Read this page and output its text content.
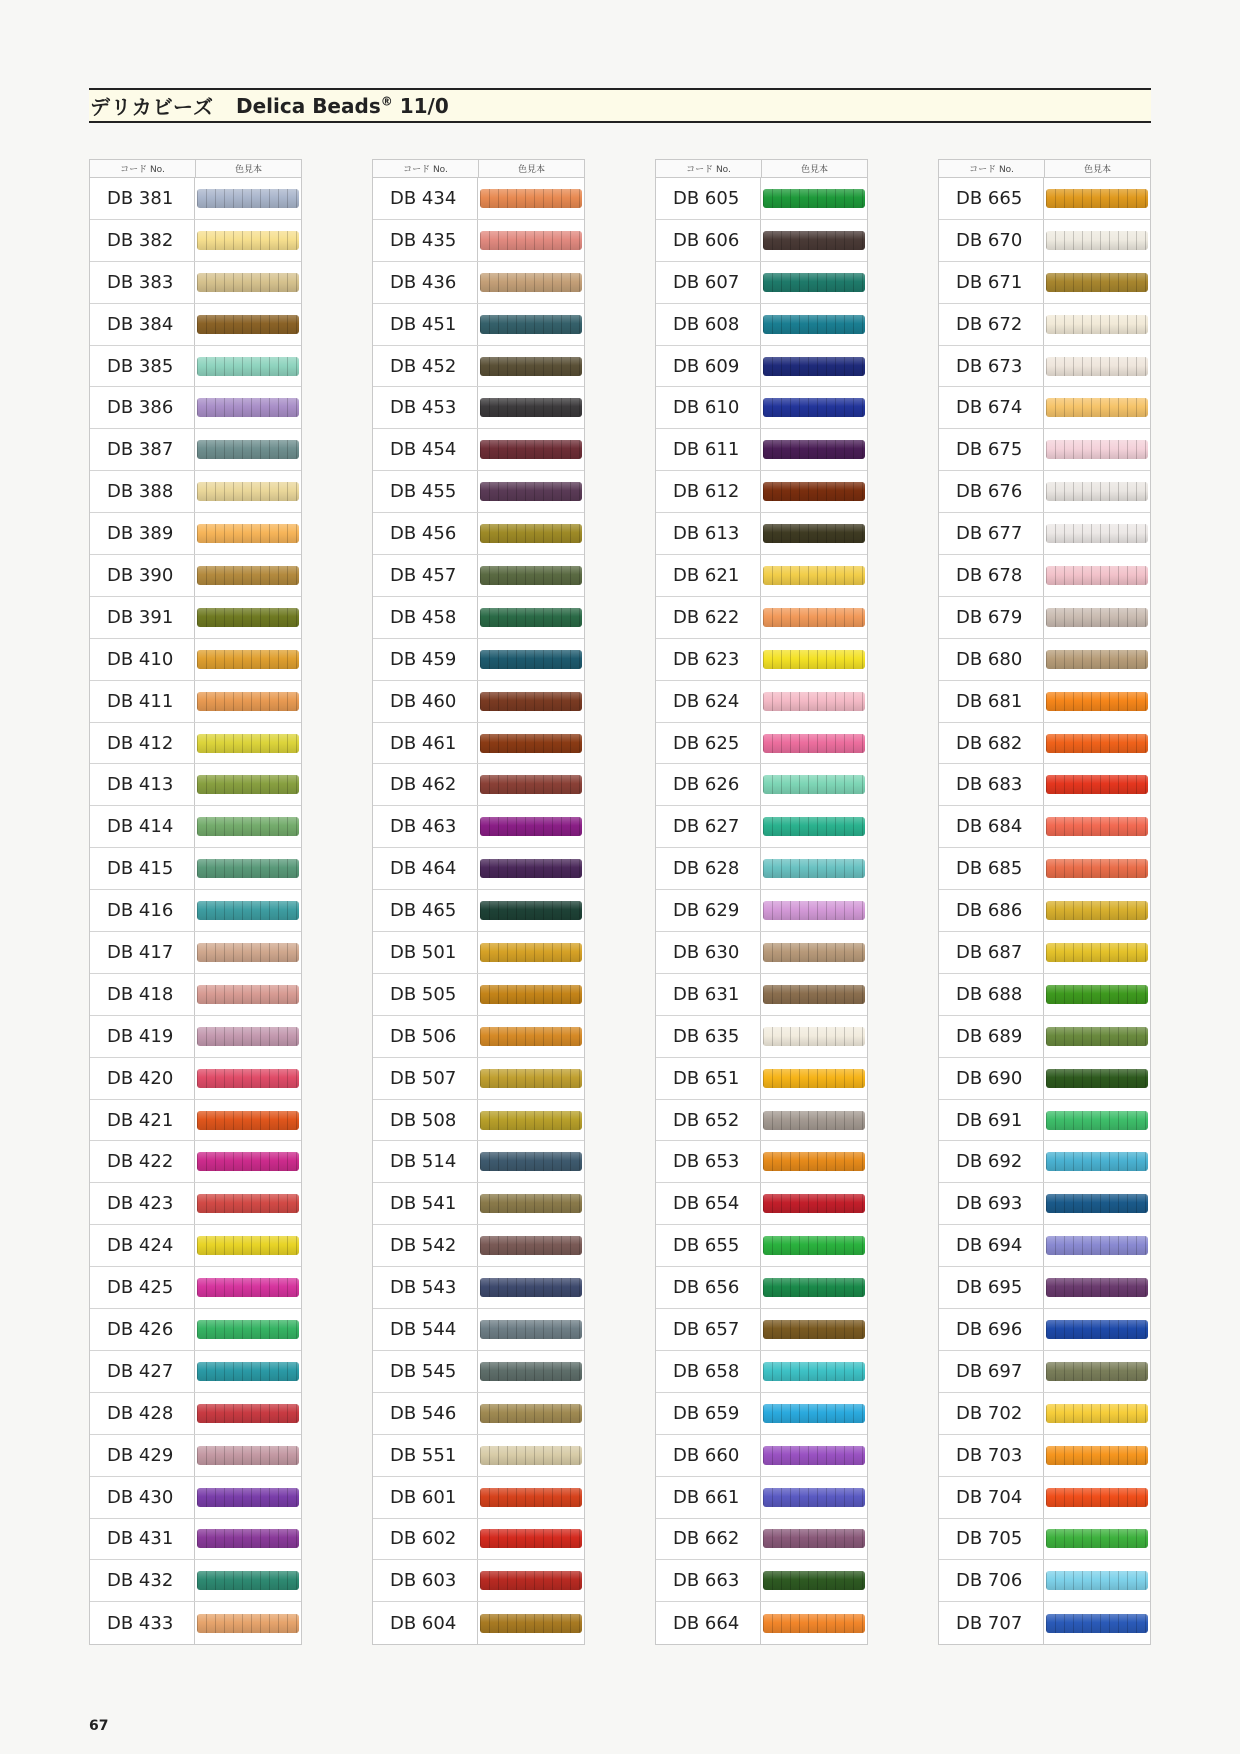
デリカビーズ Delica Beads® 11/0
コード No.	色見本
DB 381
DB 382
DB 383
DB 384
DB 385
DB 386
DB 387
DB 388
DB 389
DB 390
DB 391
DB 410
DB 411
DB 412
DB 413
DB 414
DB 415
DB 416
DB 417
DB 418
DB 419
DB 420
DB 421
DB 422
DB 423
DB 424
DB 425
DB 426
DB 427
DB 428
DB 429
DB 430
DB 431
DB 432
DB 433
コード No.	色見本
DB 434
DB 435
DB 436
DB 451
DB 452
DB 453
DB 454
DB 455
DB 456
DB 457
DB 458
DB 459
DB 460
DB 461
DB 462
DB 463
DB 464
DB 465
DB 501
DB 505
DB 506
DB 507
DB 508
DB 514
DB 541
DB 542
DB 543
DB 544
DB 545
DB 546
DB 551
DB 601
DB 602
DB 603
DB 604
コード No.	色見本
DB 605
DB 606
DB 607
DB 608
DB 609
DB 610
DB 611
DB 612
DB 613
DB 621
DB 622
DB 623
DB 624
DB 625
DB 626
DB 627
DB 628
DB 629
DB 630
DB 631
DB 635
DB 651
DB 652
DB 653
DB 654
DB 655
DB 656
DB 657
DB 658
DB 659
DB 660
DB 661
DB 662
DB 663
DB 664
コード No.	色見本
DB 665
DB 670
DB 671
DB 672
DB 673
DB 674
DB 675
DB 676
DB 677
DB 678
DB 679
DB 680
DB 681
DB 682
DB 683
DB 684
DB 685
DB 686
DB 687
DB 688
DB 689
DB 690
DB 691
DB 692
DB 693
DB 694
DB 695
DB 696
DB 697
DB 702
DB 703
DB 704
DB 705
DB 706
DB 707
67
